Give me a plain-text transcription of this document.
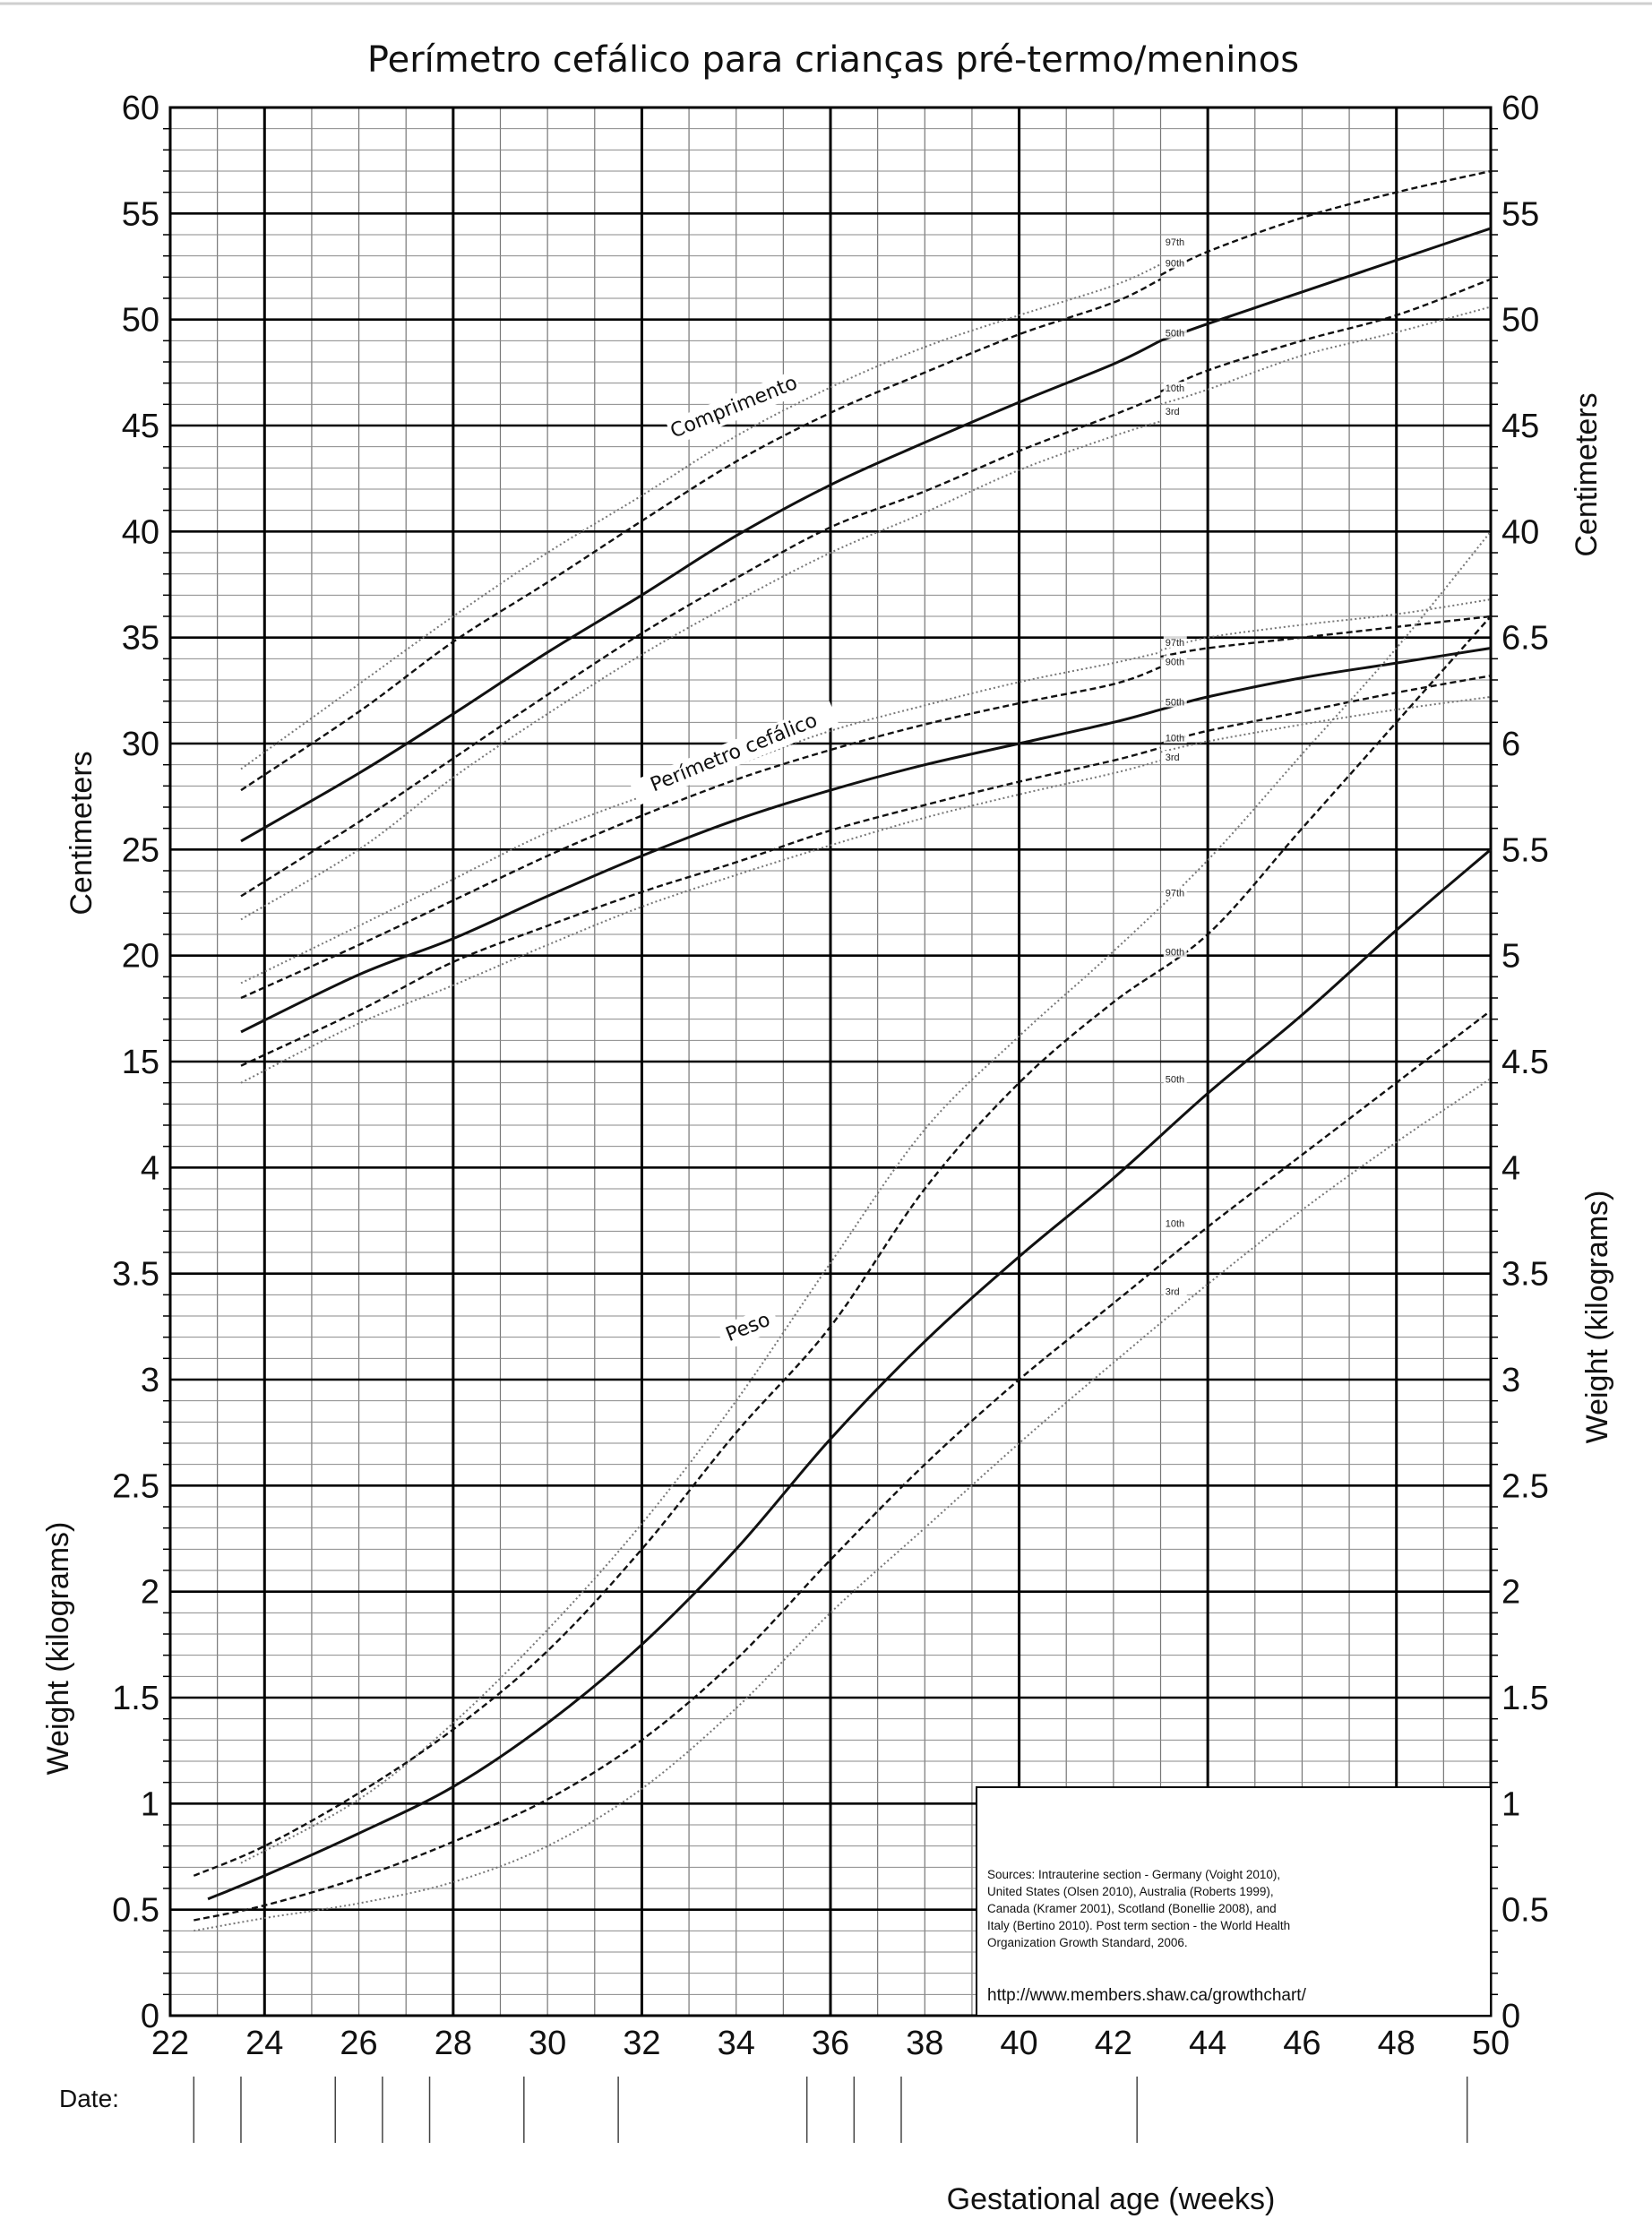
Perímetro cefálico para crianças pré-termo/meninos
97th
90th
50th
10th
3rd
97th
90th
50th
10th
3rd
97th
90th
50th
10th
3rd
Comprimento
Perímetro cefálico
Peso
0
0.5
1
1.5
2
2.5
3
3.5
4
15
20
25
30
35
40
45
50
55
60
0
0.5
1
1.5
2
2.5
3
3.5
4
4.5
5
5.5
6
6.5
40
45
50
55
60
22 24 26 28 30 32 34 36 38 40 42 44 46 48 50
Centimeters
Weight (kilograms)
Centimeters
Weight (kilograms)
Sources: Intrauterine section - Germany (Voight 2010),
United States (Olsen 2010), Australia (Roberts 1999),
Canada (Kramer 2001), Scotland (Bonellie 2008), and
Italy (Bertino 2010). Post term section - the World Health
Organization Growth Standard, 2006.
http://www.members.shaw.ca/growthchart/
Date:
Gestational age (weeks)
